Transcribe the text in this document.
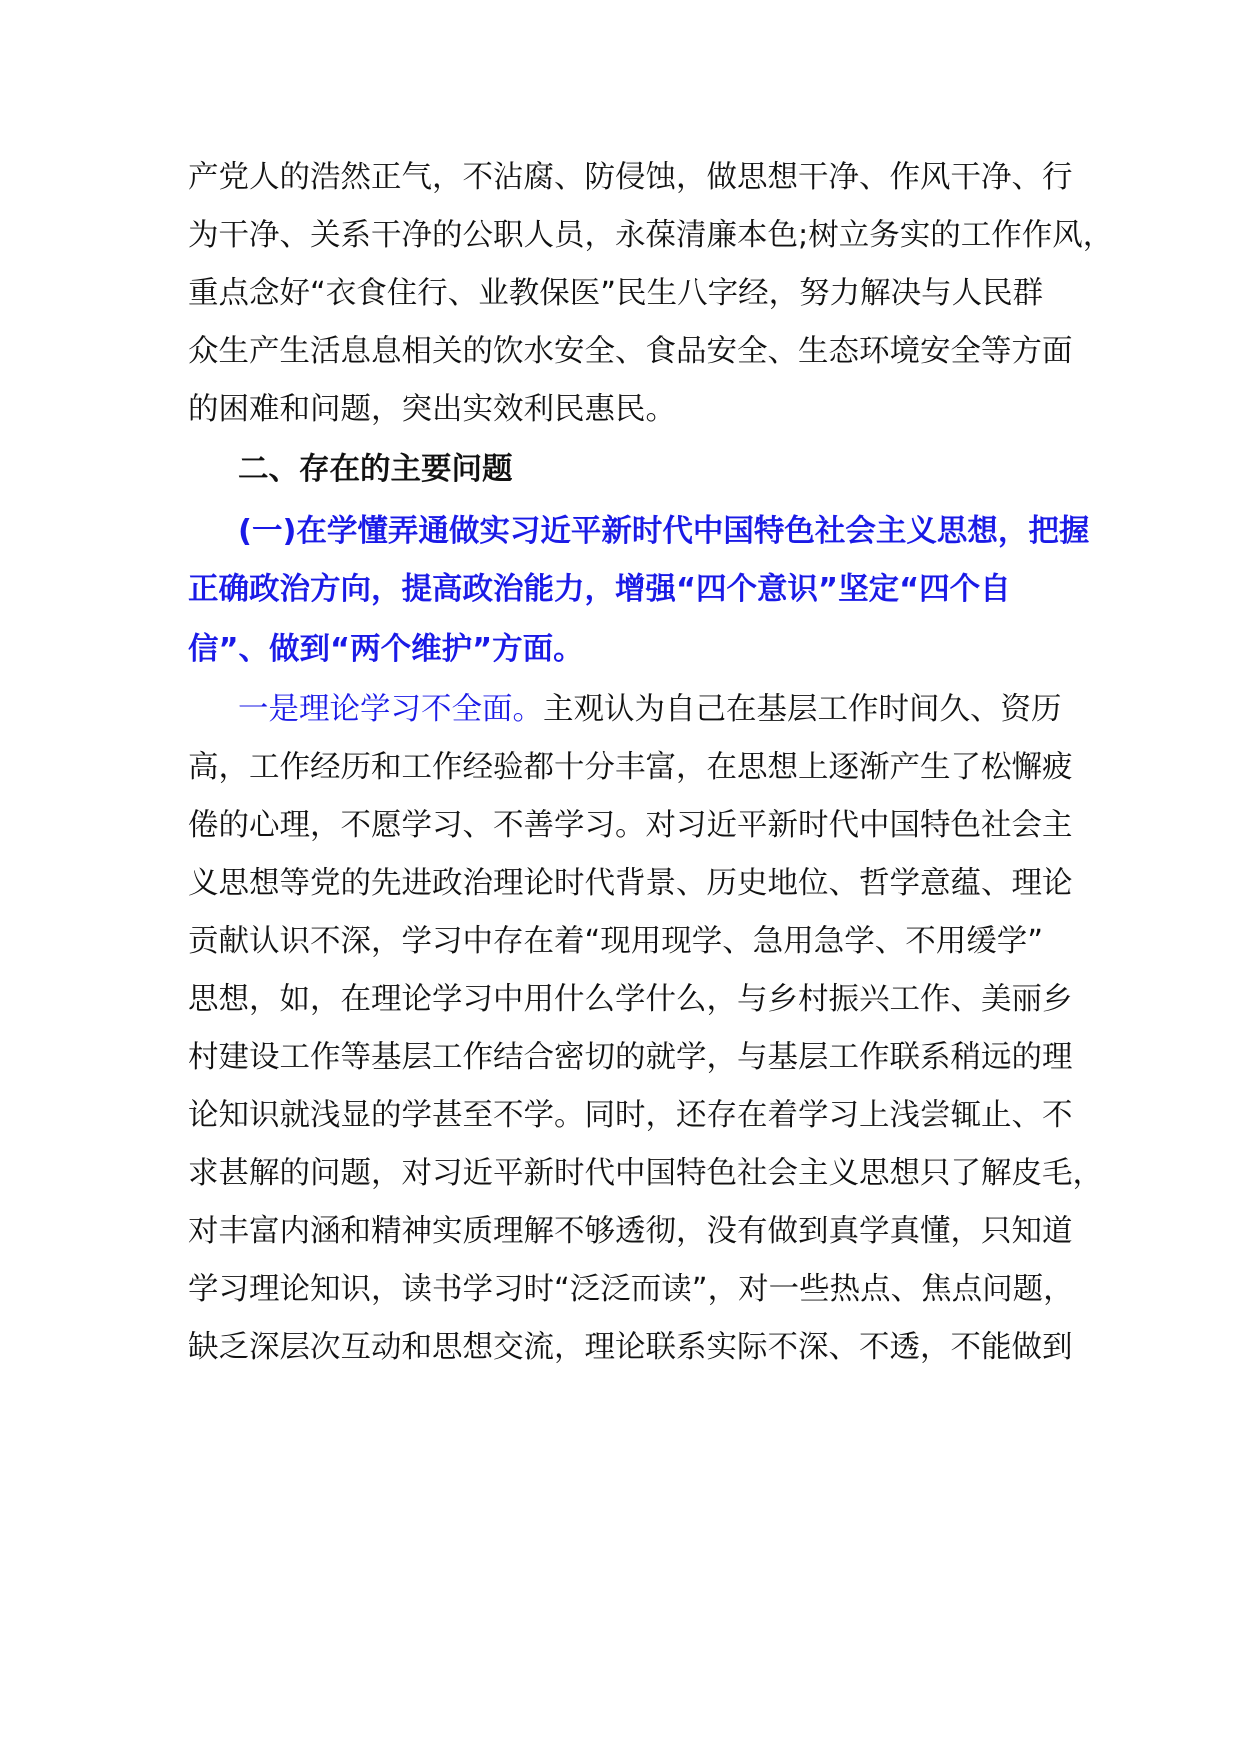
产党人的浩然正气，不沾腐、防侵蚀，做思想干净、作风干净、行
为干净、关系干净的公职人员，永葆清廉本色;树立务实的工作作风，
重点念好“衣食住行、业教保医”民生八字经，努力解决与人民群
众生产生活息息相关的饮水安全、食品安全、生态环境安全等方面
的困难和问题，突出实效利民惠民。
二、存在的主要问题
(一)在学懂弄通做实习近平新时代中国特色社会主义思想，把握
正确政治方向，提高政治能力，增强“四个意识”坚定“四个自
信”、做到“两个维护”方面。
一是理论学习不全面。主观认为自己在基层工作时间久、资历
高，工作经历和工作经验都十分丰富，在思想上逐渐产生了松懈疲
倦的心理，不愿学习、不善学习。对习近平新时代中国特色社会主
义思想等党的先进政治理论时代背景、历史地位、哲学意蕴、理论
贡献认识不深，学习中存在着“现用现学、急用急学、不用缓学”
思想，如，在理论学习中用什么学什么，与乡村振兴工作、美丽乡
村建设工作等基层工作结合密切的就学，与基层工作联系稍远的理
论知识就浅显的学甚至不学。同时，还存在着学习上浅尝辄止、不
求甚解的问题，对习近平新时代中国特色社会主义思想只了解皮毛，
对丰富内涵和精神实质理解不够透彻，没有做到真学真懂，只知道
学习理论知识，读书学习时“泛泛而读”，对一些热点、焦点问题，
缺乏深层次互动和思想交流，理论联系实际不深、不透，不能做到
